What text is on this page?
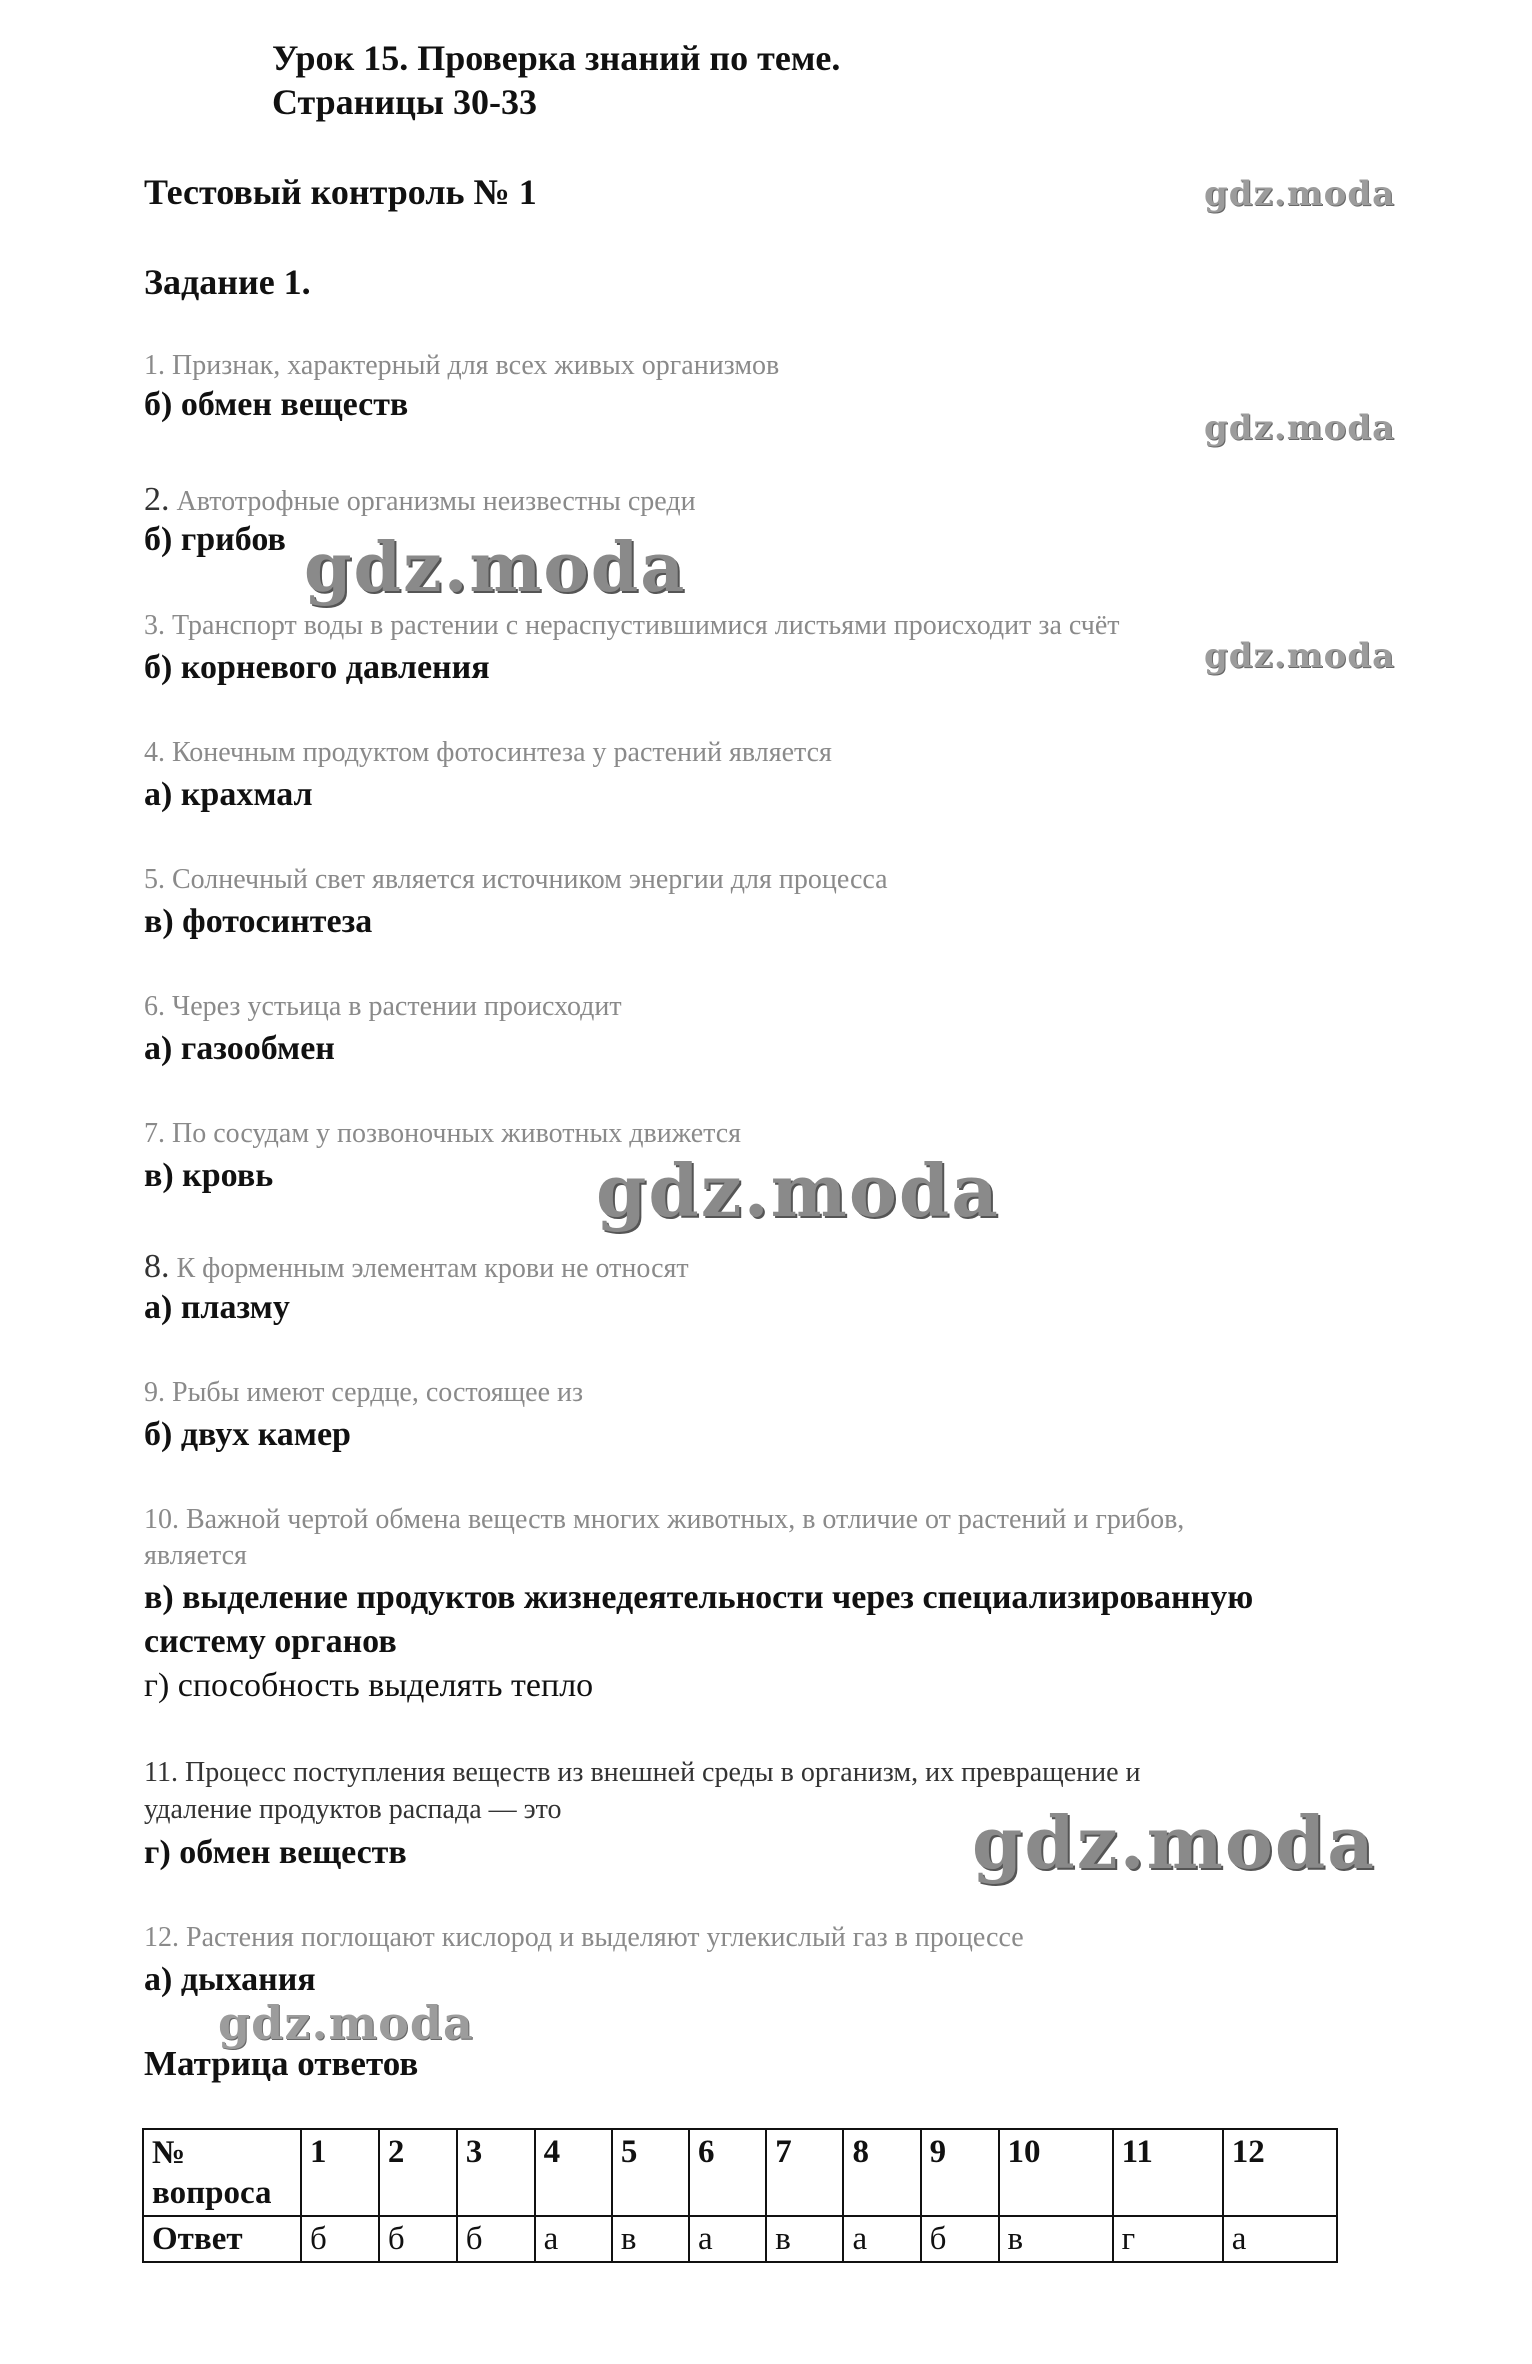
Урок 15. Проверка знаний по теме.
Страницы 30-33
Тестовый контроль № 1
Задание 1.
1. Признак, характерный для всех живых организмов
б) обмен веществ
2. Автотрофные организмы неизвестны среди
б) грибов
3. Транспорт воды в растении с нераспустившимися листьями происходит за счёт
б) корневого давления
4. Конечным продуктом фотосинтеза у растений является
а) крахмал
5. Солнечный свет является источником энергии для процесса
в) фотосинтеза
6. Через устьица в растении происходит
а) газообмен
7. По сосудам у позвоночных животных движется
в) кровь
8. К форменным элементам крови не относят
а) плазму
9. Рыбы имеют сердце, состоящее из
б) двух камер
10. Важной чертой обмена веществ многих животных, в отличие от растений и грибов,
является
в) выделение продуктов жизнедеятельности через специализированную
систему органов
г) способность выделять тепло
11. Процесс поступления веществ из внешней среды в организм, их превращение и
удаление продуктов распада — это
г) обмен веществ
12. Растения поглощают кислород и выделяют углекислый газ в процессе
а) дыхания
Матрица ответов
№
вопроса	1	2	3	4	5	6	7	8	9	10	11	12
Ответ	б	б	б	а	в	а	в	а	б	в	г	а
gdz.moda
gdz.moda
gdz.moda
gdz.moda
gdz.moda
gdz.moda
gdz.moda
